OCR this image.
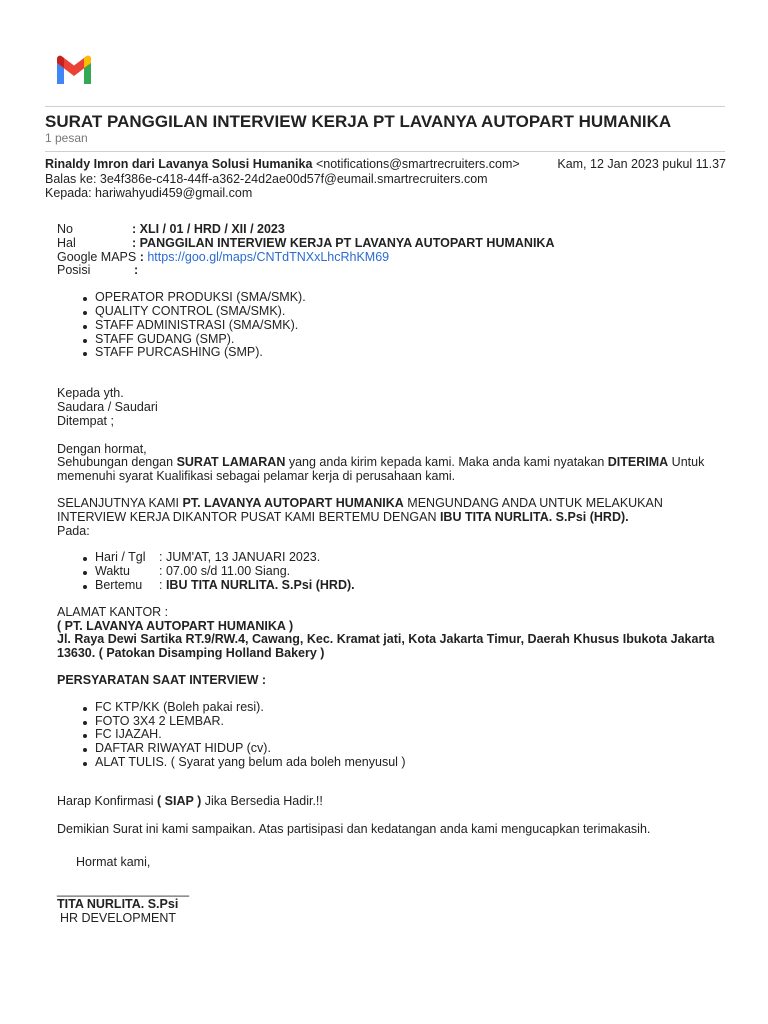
SURAT PANGGILAN INTERVIEW KERJA PT LAVANYA AUTOPART HUMANIKA
1 pesan
Rinaldy Imron dari Lavanya Solusi Humanika <notifications@smartrecruiters.com>	Kam, 12 Jan 2023 pukul 11.37
Balas ke: 3e4f386e-c418-44ff-a362-24d2ae00d57f@eumail.smartrecruiters.com
Kepada: hariwahyudi459@gmail.com
No	: XLI / 01 / HRD / XII / 2023
Hal	: PANGGILAN INTERVIEW KERJA PT LAVANYA AUTOPART HUMANIKA
Google MAPS : https://goo.gl/maps/CNTdTNXxLhcRhKM69
Posisi	:
OPERATOR PRODUKSI (SMA/SMK).
QUALITY CONTROL (SMA/SMK).
STAFF ADMINISTRASI (SMA/SMK).
STAFF GUDANG (SMP).
STAFF PURCASHING (SMP).
Kepada yth.
Saudara / Saudari
Ditempat ;
Dengan hormat,
Sehubungan dengan SURAT LAMARAN yang anda kirim kepada kami. Maka anda kami nyatakan DITERIMA Untuk memenuhi syarat Kualifikasi sebagai pelamar kerja di perusahaan kami.
SELANJUTNYA KAMI PT. LAVANYA AUTOPART HUMANIKA MENGUNDANG ANDA UNTUK MELAKUKAN INTERVIEW KERJA DIKANTOR PUSAT KAMI BERTEMU DENGAN IBU TITA NURLITA. S.Psi (HRD).
Pada:
Hari / Tgl : JUM'AT, 13 JANUARI 2023.
Waktu : 07.00 s/d 11.00 Siang.
Bertemu : IBU TITA NURLITA. S.Psi (HRD).
ALAMAT KANTOR :
( PT. LAVANYA AUTOPART HUMANIKA )
Jl. Raya Dewi Sartika RT.9/RW.4, Cawang, Kec. Kramat jati, Kota Jakarta Timur, Daerah Khusus Ibukota Jakarta 13630. ( Patokan Disamping Holland Bakery )
PERSYARATAN SAAT INTERVIEW :
FC KTP/KK (Boleh pakai resi).
FOTO 3X4 2 LEMBAR.
FC IJAZAH.
DAFTAR RIWAYAT HIDUP (cv).
ALAT TULIS. ( Syarat yang belum ada boleh menyusul )
Harap Konfirmasi ( SIAP ) Jika Bersedia Hadir.!!
Demikian Surat ini kami sampaikan. Atas partisipasi dan kedatangan anda kami mengucapkan terimakasih.
Hormat kami,
___________________
TITA NURLITA. S.Psi
HR DEVELOPMENT
